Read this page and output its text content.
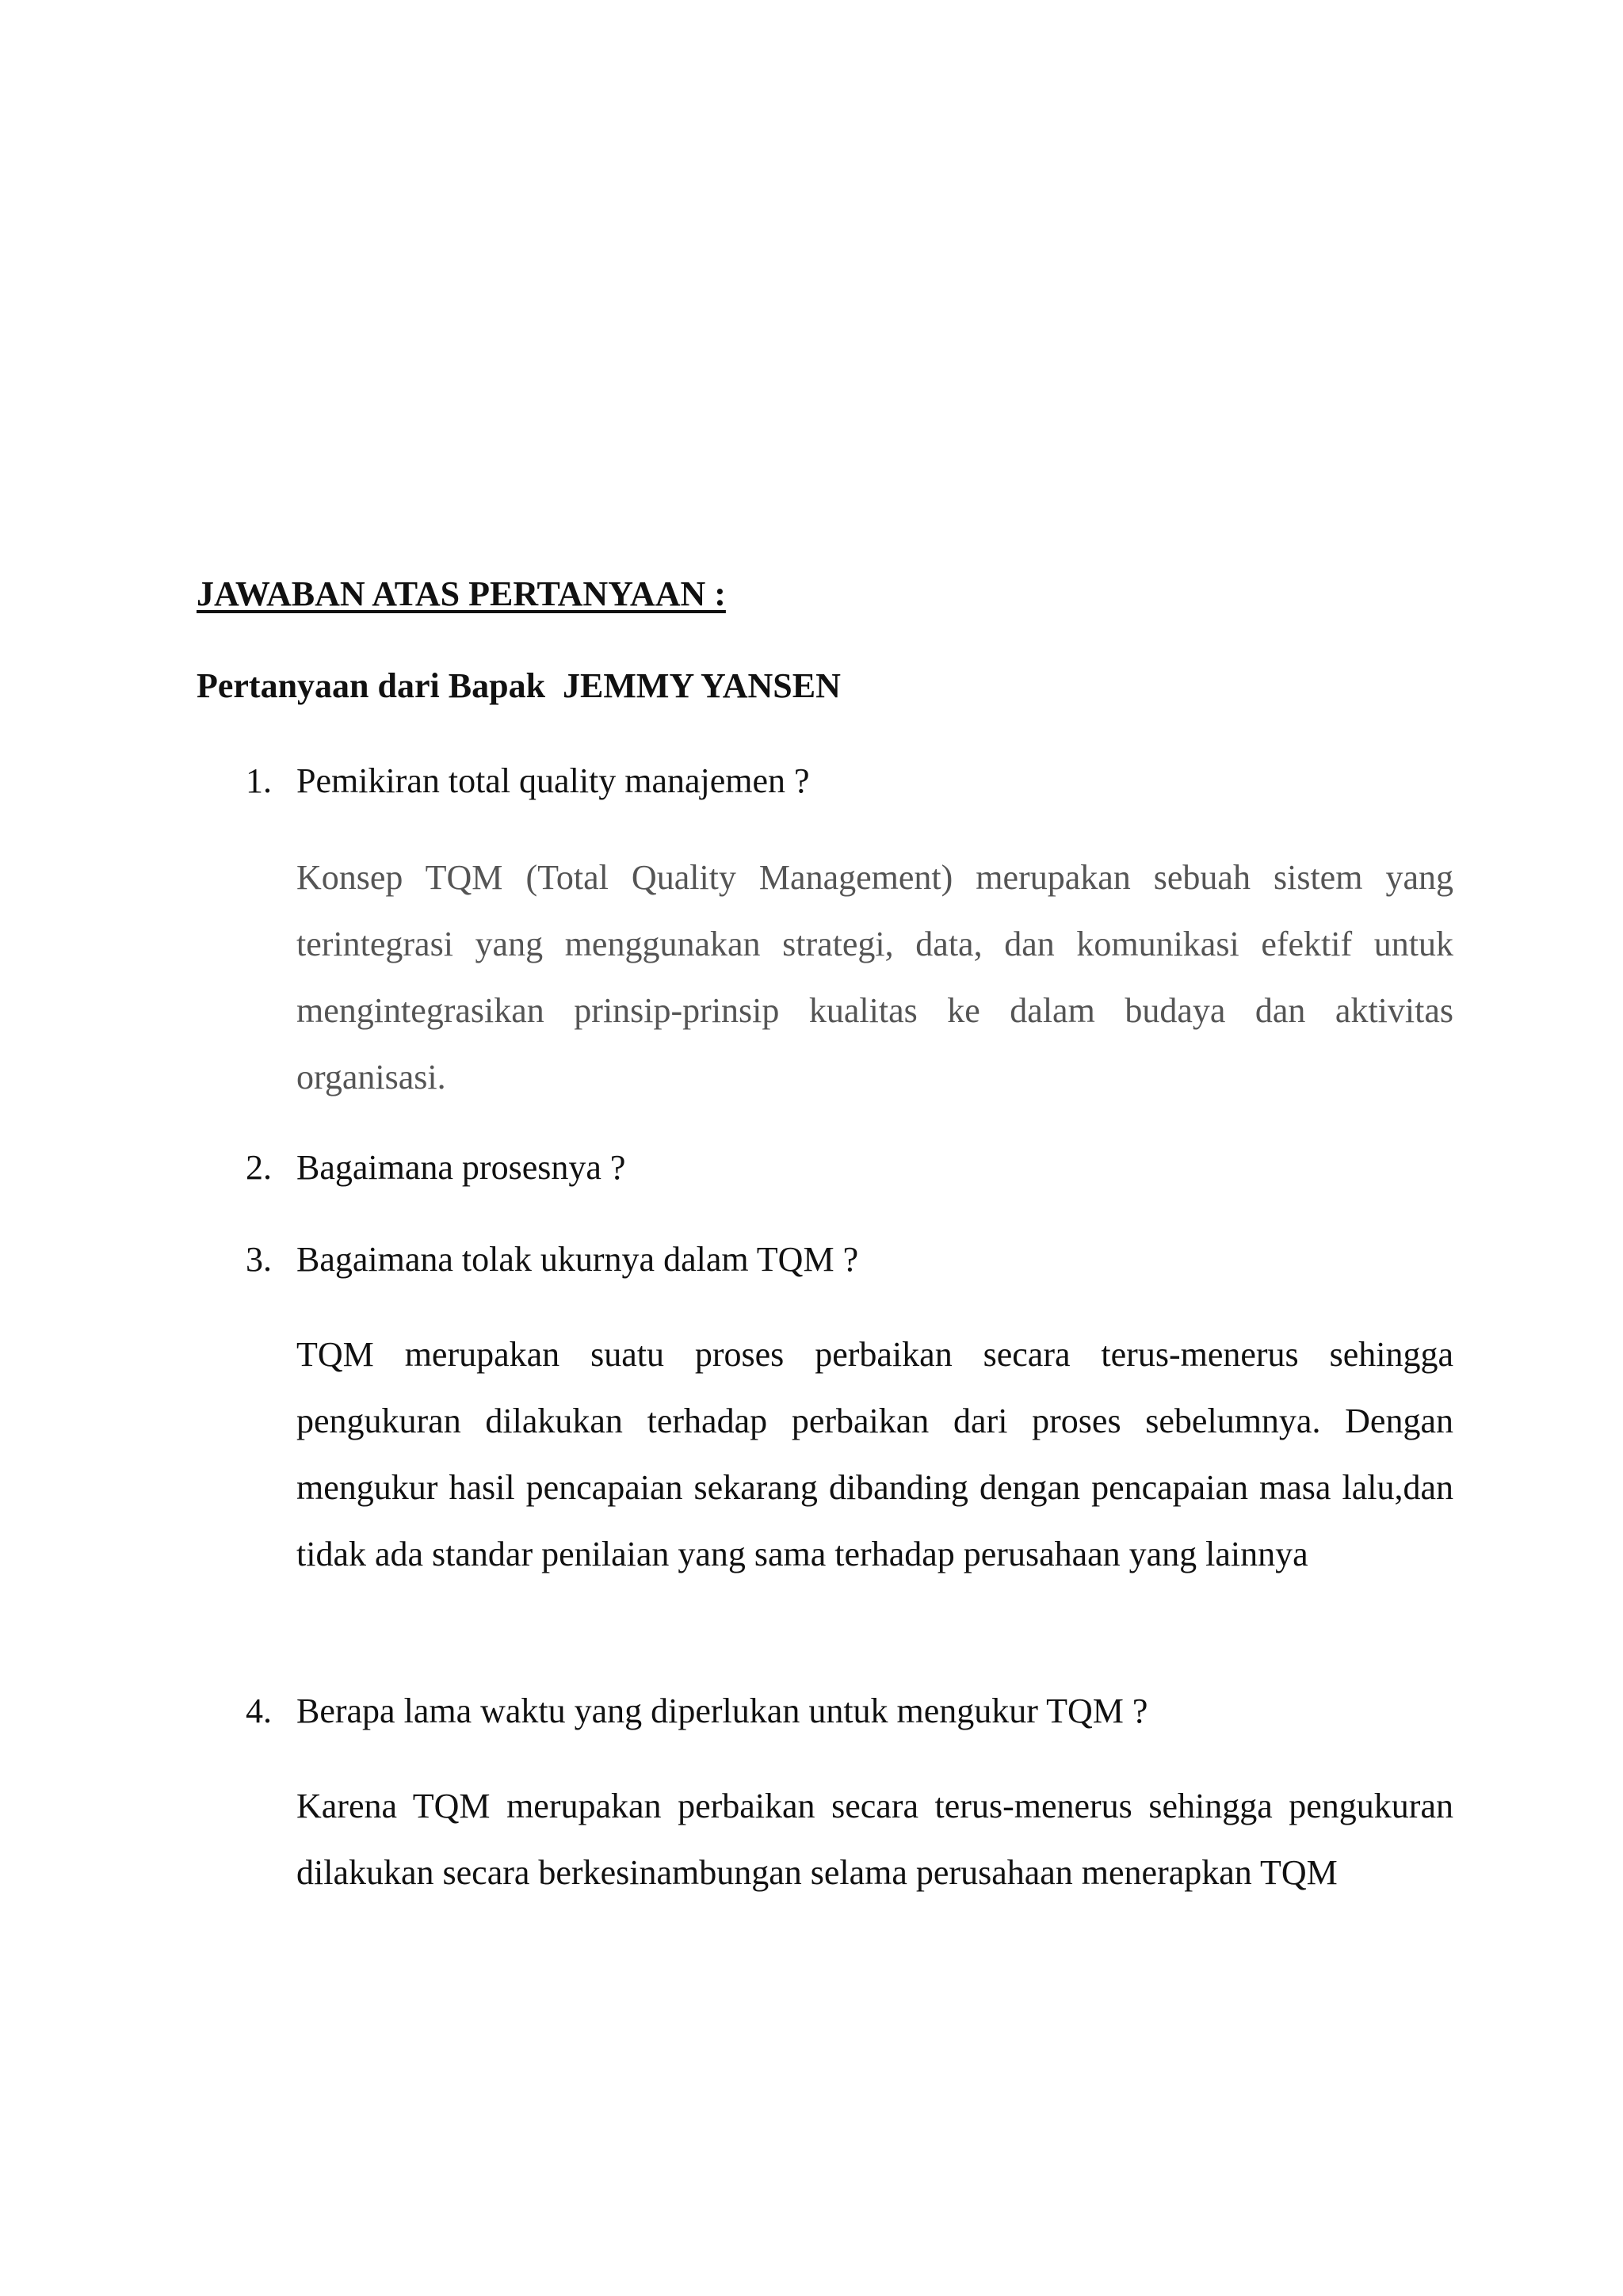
JAWABAN ATAS PERTANYAAN :
Pertanyaan dari Bapak  JEMMY YANSEN
1. Pemikiran total quality manajemen ?

Konsep TQM (Total Quality Management) merupakan sebuah sistem yang terintegrasi yang menggunakan strategi, data, dan komunikasi efektif untuk mengintegrasikan prinsip-prinsip kualitas ke dalam budaya dan aktivitas organisasi.

2. Bagaimana prosesnya ?
3. Bagaimana tolak ukurnya dalam TQM ?

TQM merupakan suatu proses perbaikan secara terus-menerus sehingga pengukuran dilakukan terhadap perbaikan dari proses sebelumnya. Dengan mengukur hasil pencapaian sekarang dibanding dengan pencapaian masa lalu,dan tidak ada standar penilaian yang sama terhadap perusahaan yang lainnya

4. Berapa lama waktu yang diperlukan untuk mengukur TQM ?

Karena TQM merupakan perbaikan secara terus-menerus sehingga pengukuran dilakukan secara berkesinambungan selama perusahaan menerapkan TQM
